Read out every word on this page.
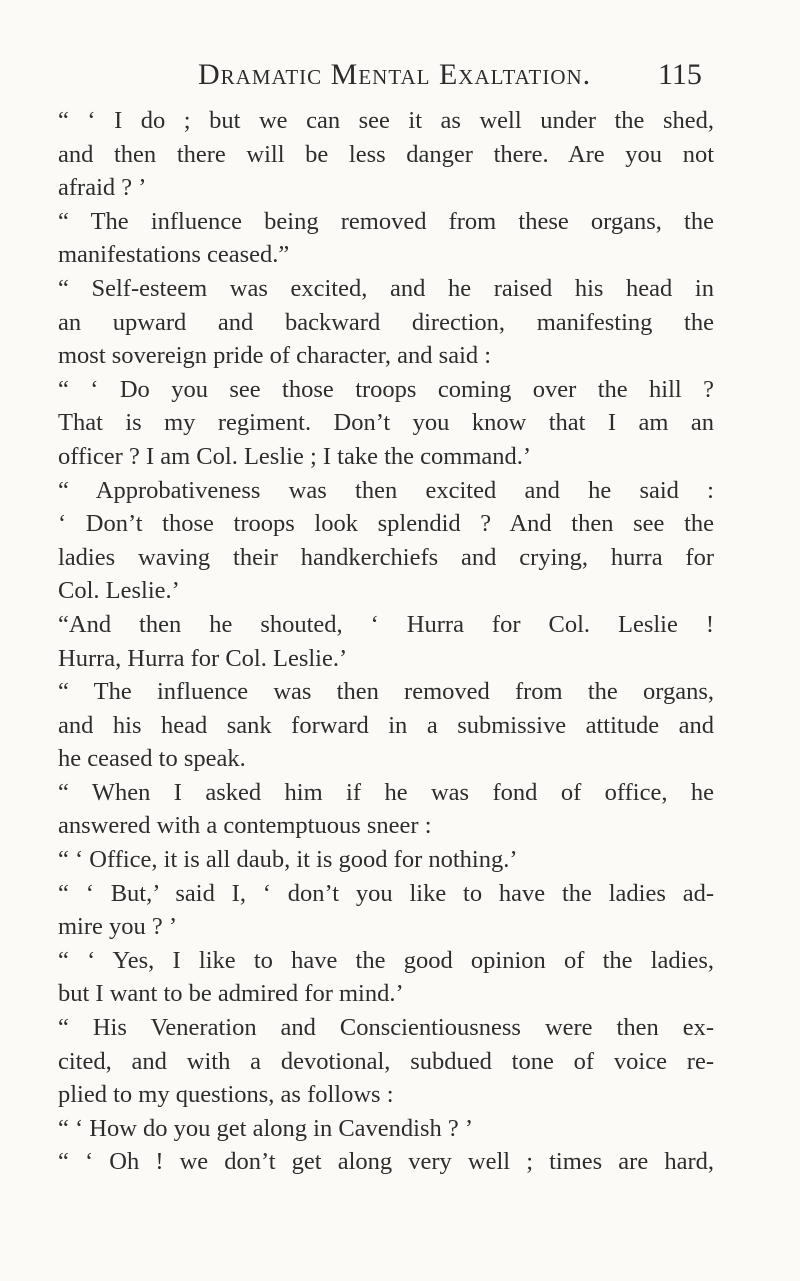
Dramatic Mental Exaltation. 115

“ ‘ I do ; but we can see it as well under the shed,
and then there will be less danger there. Are you not
afraid ? ’

“ The influence being removed from these organs, the
manifestations ceased.”

“ Self-esteem was excited, and he raised his head in
an upward and backward direction, manifesting the
most sovereign pride of character, and said :

“ ‘ Do you see those troops coming over the hill ?
That is my regiment. Don’t you know that I am an
officer ? I am Col. Leslie ; I take the command.’

“ Approbativeness was then excited and he said :
‘ Don’t those troops look splendid ? And then see the
ladies waving their handkerchiefs and crying, hurra for
Col. Leslie.’

“And then he shouted, ‘ Hurra for Col. Leslie !
Hurra, Hurra for Col. Leslie.’

“ The influence was then removed from the organs,
and his head sank forward in a submissive attitude and
he ceased to speak.

“ When I asked him if he was fond of office, he
answered with a contemptuous sneer :

“ ‘ Office, it is all daub, it is good for nothing.’

“ ‘ But,’ said I, ‘ don’t you like to have the ladies ad-
mire you ? ’

“ ‘ Yes, I like to have the good opinion of the ladies,
but I want to be admired for mind.’

“ His Veneration and Conscientiousness were then ex-
cited, and with a devotional, subdued tone of voice re-
plied to my questions, as follows :

“ ‘ How do you get along in Cavendish ? ’

“ ‘ Oh ! we don’t get along very well ; times are hard,
